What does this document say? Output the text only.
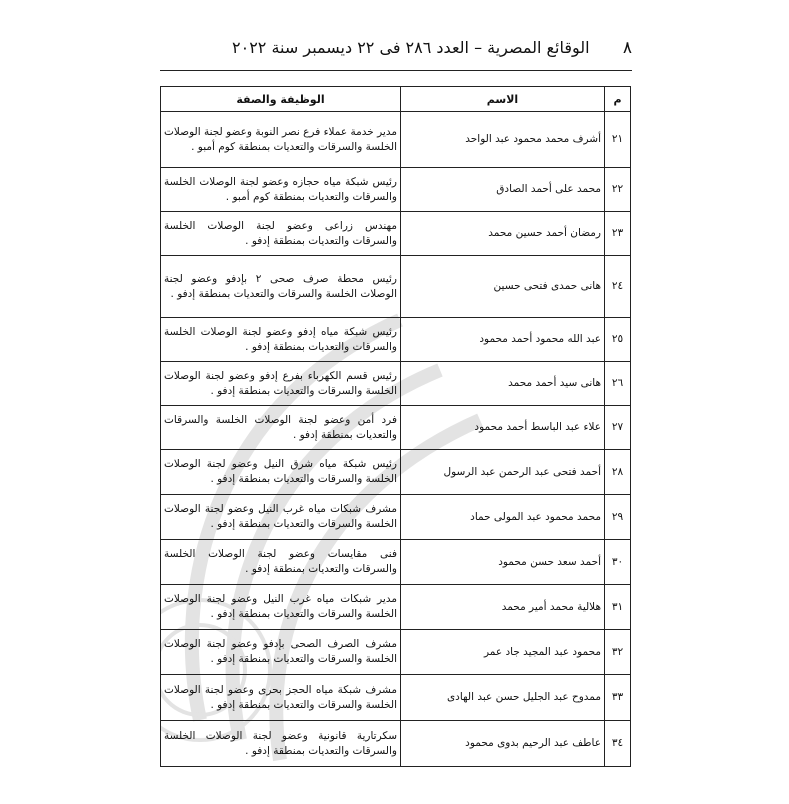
٨
الوقائع المصرية – العدد ٢٨٦ فى ٢٢ ديسمبر سنة ٢٠٢٢
م	الاسم	الوظيفة والصفة
٢١	أشرف محمد محمود عبد الواحد	مدير خدمة عملاء فرع نصر النوبة وعضو لجنة الوصلات الخلسة والسرقات والتعديات بمنطقة كوم أمبو .
٢٢	محمد على أحمد الصادق	رئيس شبكة مياه حجازه وعضو لجنة الوصلات الخلسة والسرقات والتعديات بمنطقة كوم أمبو .
٢٣	رمضان أحمد حسين محمد	مهندس زراعى وعضو لجنة الوصلات الخلسة والسرقات والتعديات بمنطقة إدفو .
٢٤	هانى حمدى فتحى حسين	رئيس محطة صرف صحى ٢ بإدفو وعضو لجنة الوصلات الخلسة والسرقات والتعديات بمنطقة إدفو .
٢٥	عبد الله محمود أحمد محمود	رئيس شبكة مياه إدفو وعضو لجنة الوصلات الخلسة والسرقات والتعديات بمنطقة إدفو .
٢٦	هانى سيد أحمد محمد	رئيس قسم الكهرباء بفرع إدفو وعضو لجنة الوصلات الخلسة والسرقات والتعديات بمنطقة إدفو .
٢٧	علاء عبد الباسط أحمد محمود	فرد أمن وعضو لجنة الوصلات الخلسة والسرقات والتعديات بمنطقة إدفو .
٢٨	أحمد فتحى عبد الرحمن عبد الرسول	رئيس شبكة مياه شرق النيل وعضو لجنة الوصلات الخلسة والسرقات والتعديات بمنطقة إدفو .
٢٩	محمد محمود عبد المولى حماد	مشرف شبكات مياه غرب النيل وعضو لجنة الوصلات الخلسة والسرقات والتعديات بمنطقة إدفو .
٣٠	أحمد سعد حسن محمود	فنى مقايسات وعضو لجنة الوصلات الخلسة والسرقات والتعديات بمنطقة إدفو .
٣١	هلالية محمد أمير محمد	مدير شبكات مياه غرب النيل وعضو لجنة الوصلات الخلسة والسرقات والتعديات بمنطقة إدفو .
٣٢	محمود عبد المجيد جاد عمر	مشرف الصرف الصحى بإدفو وعضو لجنة الوصلات الخلسة والسرقات والتعديات بمنطقة إدفو .
٣٣	ممدوح عبد الجليل حسن عبد الهادى	مشرف شبكة مياه الحجز بحرى وعضو لجنة الوصلات الخلسة والسرقات والتعديات بمنطقة إدفو .
٣٤	عاطف عبد الرحيم بدوى محمود	سكرتارية قانونية وعضو لجنة الوصلات الخلسة والسرقات والتعديات بمنطقة إدفو .
